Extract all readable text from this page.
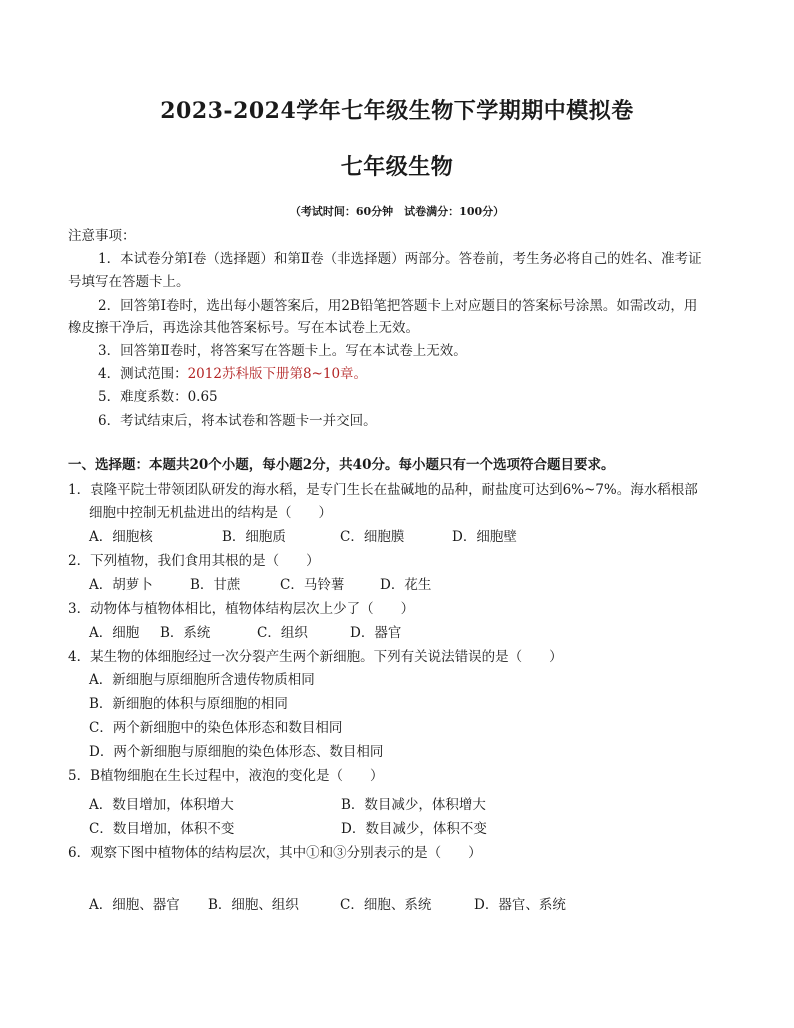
2023-2024学年七年级生物下学期期中模拟卷
七年级生物
（考试时间：60分钟　试卷满分：100分）
注意事项：
1．本试卷分第Ⅰ卷（选择题）和第Ⅱ卷（非选择题）两部分。答卷前，考生务必将自己的姓名、准考证
号填写在答题卡上。
2．回答第Ⅰ卷时，选出每小题答案后，用2B铅笔把答题卡上对应题目的答案标号涂黑。如需改动，用
橡皮擦干净后，再选涂其他答案标号。写在本试卷上无效。
3．回答第Ⅱ卷时，将答案写在答题卡上。写在本试卷上无效。
4．测试范围：2012苏科版下册第8~10章。
5．难度系数：0.65
6．考试结束后，将本试卷和答题卡一并交回。
一、选择题：本题共20个小题，每小题2分，共40分。每小题只有一个选项符合题目要求。
1．袁隆平院士带领团队研发的海水稻，是专门生长在盐碱地的品种，耐盐度可达到6%~7%。海水稻根部
细胞中控制无机盐进出的结构是（　　）
A．细胞核	B．细胞质	C．细胞膜	D．细胞壁
2．下列植物，我们食用其根的是（　　）
A．胡萝卜	B．甘蔗	C．马铃薯	D．花生
3．动物体与植物体相比，植物体结构层次上少了（　　）
A．细胞 B．系统	C．组织	D．器官
4．某生物的体细胞经过一次分裂产生两个新细胞。下列有关说法错误的是（　　）
A．新细胞与原细胞所含遗传物质相同
B．新细胞的体积与原细胞的相同
C．两个新细胞中的染色体形态和数目相同
D．两个新细胞与原细胞的染色体形态、数目相同
5．B植物细胞在生长过程中，液泡的变化是（　　）
A．数目增加，体积增大	B．数目减少，体积增大
C．数目增加，体积不变	D．数目减少，体积不变
6．观察下图中植物体的结构层次，其中①和③分别表示的是（　　）
A．细胞、器官 B．细胞、组织	C．细胞、系统	D．器官、系统
